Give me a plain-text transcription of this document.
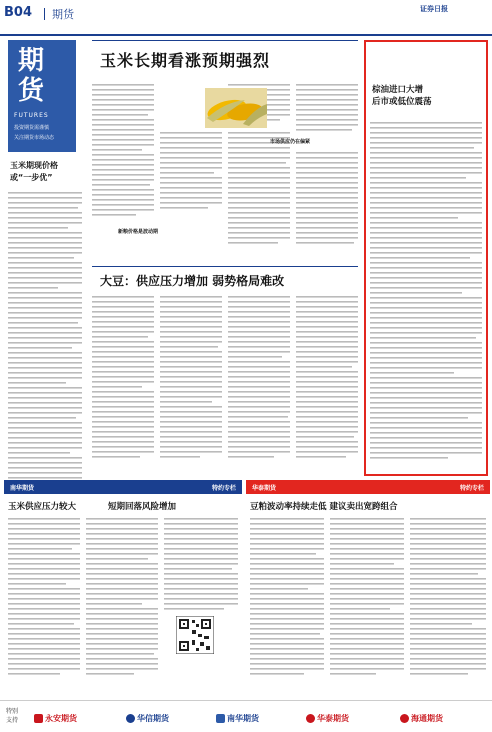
B04 期货	证券日报
期
货
FUTURES
投资期货需谨慎
关注期货市场动态
玉米期现价格
或“一步优”
玉米长期看涨预期强烈
新粮价格是波动期
市场供应仍在偏紧
大豆：供应压力增加 弱势格局难改
棕油进口大增
后市或低位震荡
南华期货	特约专栏
玉米供应压力较大	短期回落风险增加
华泰期货	特约专栏
豆粕波动率持续走低 建议卖出宽跨组合
特别
支持	永安期货	华信期货	南华期货	华泰期货	海通期货
